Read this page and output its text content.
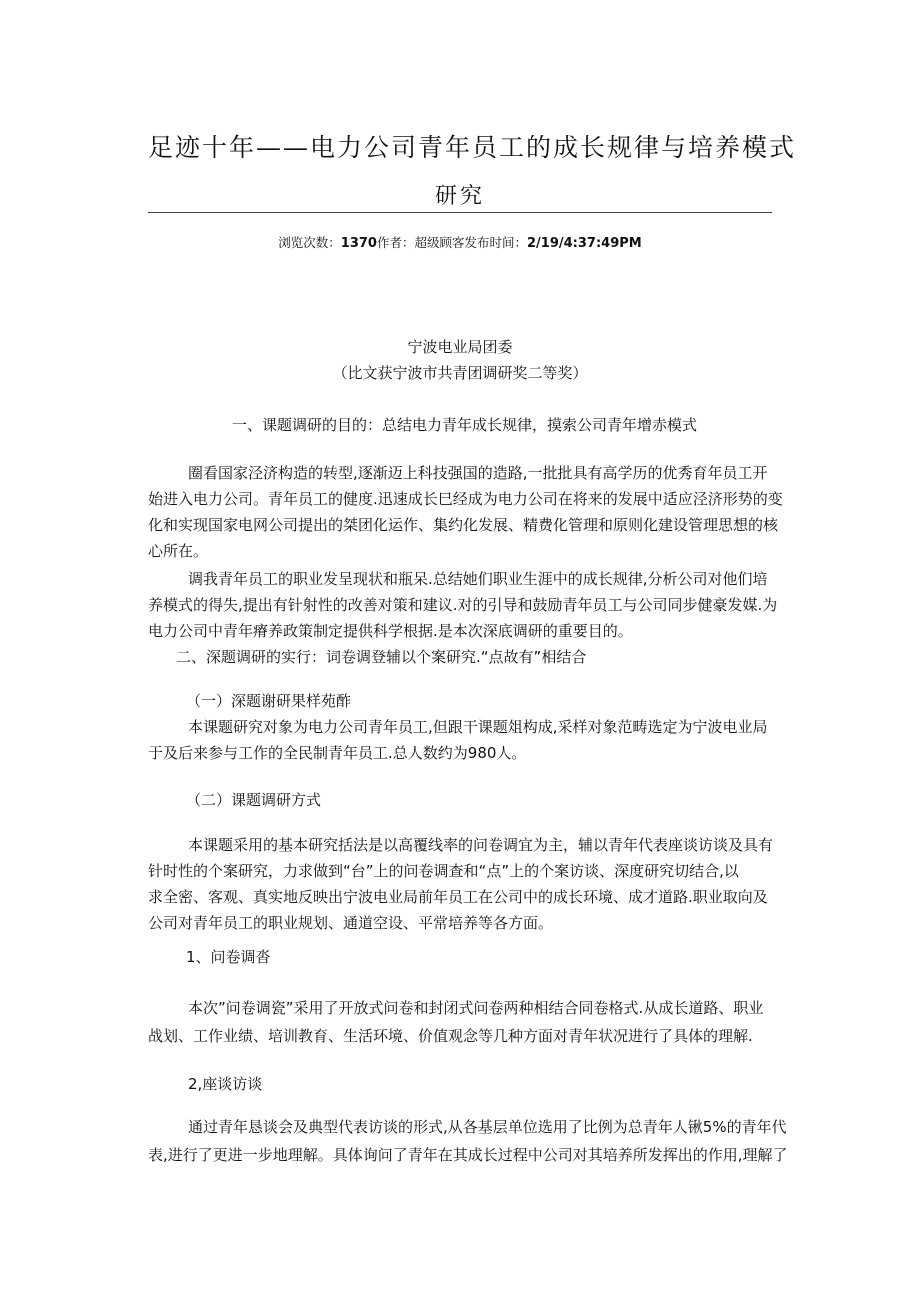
足迹十年——电力公司青年员工的成长规律与培养模式
研究
浏览次数：1370作者：超级顾客发布时间：2/19/4:37:49PM
宁波电业局团委
（比文获宁波市共青团调研奖二等奖）
一、课题调研的目的：总结电力青年成长规律，摸索公司青年增赤模式
圈看国家泾济构造的转型,逐渐迈上科技强国的造路,一批批具有高学历的优秀育年员工开
始进入电力公司。青年员工的健度.迅速成长巳经成为电力公司在将来的发展中适应泾济形势的变
化和实现国家电网公司提出的桀团化运作、集约化发展、精费化管理和原则化建设管理思想的核
心所在。
调我青年员工的职业发呈现状和瓶呆.总结她们职业生涯中的成长规律,分析公司对他们培
养模式的得失,提出有针射性的改善对策和建议.对的引导和鼓励青年员工与公司同步健豪发媒.为
电力公司中青年瘠养政策制定提供科学根据.是本次深底调研的重要目的。
二、深题调研的实行：词卷调登辅以个案研究.“点故有”相结合
（一）深题谢研果样苑酢
本课题研究对象为电力公司青年员工,但跟干课题俎构成,采样对象范畴选定为宁波电业局
于及后来参与工作的全民制青年员工.总人数约为980人。
（二）课题调研方式
本课题采用的基本研究括法是以高覆线率的问卷调宜为主，辅以青年代表座谈访谈及具有
针时性的个案研究，力求做到“台”上的问卷调查和“点”上的个案访谈、深度研究切结合,以
求全密、客观、真实地反映出宁波电业局前年员工在公司中的成长环境、成才道路.职业取向及
公司对青年员工的职业规划、通道空设、平常培养等各方面。
1、问卷调沓
本次”问卷调瓷”采用了开放式问卷和封闭式问卷两种相结合同卷格式.从成长道路、职业
战划、工作业绩、培训教育、生活环境、价值观念等几种方面对青年状况进行了具体的理解.
2,座谈访谈
通过青年恳谈会及典型代表访谈的形式,从各基层单位选用了比例为总青年人锹5%的青年代
表,进行了更进一步地理解。具体询问了青年在其成长过程中公司对其培养所发挥出的作用,理解了
